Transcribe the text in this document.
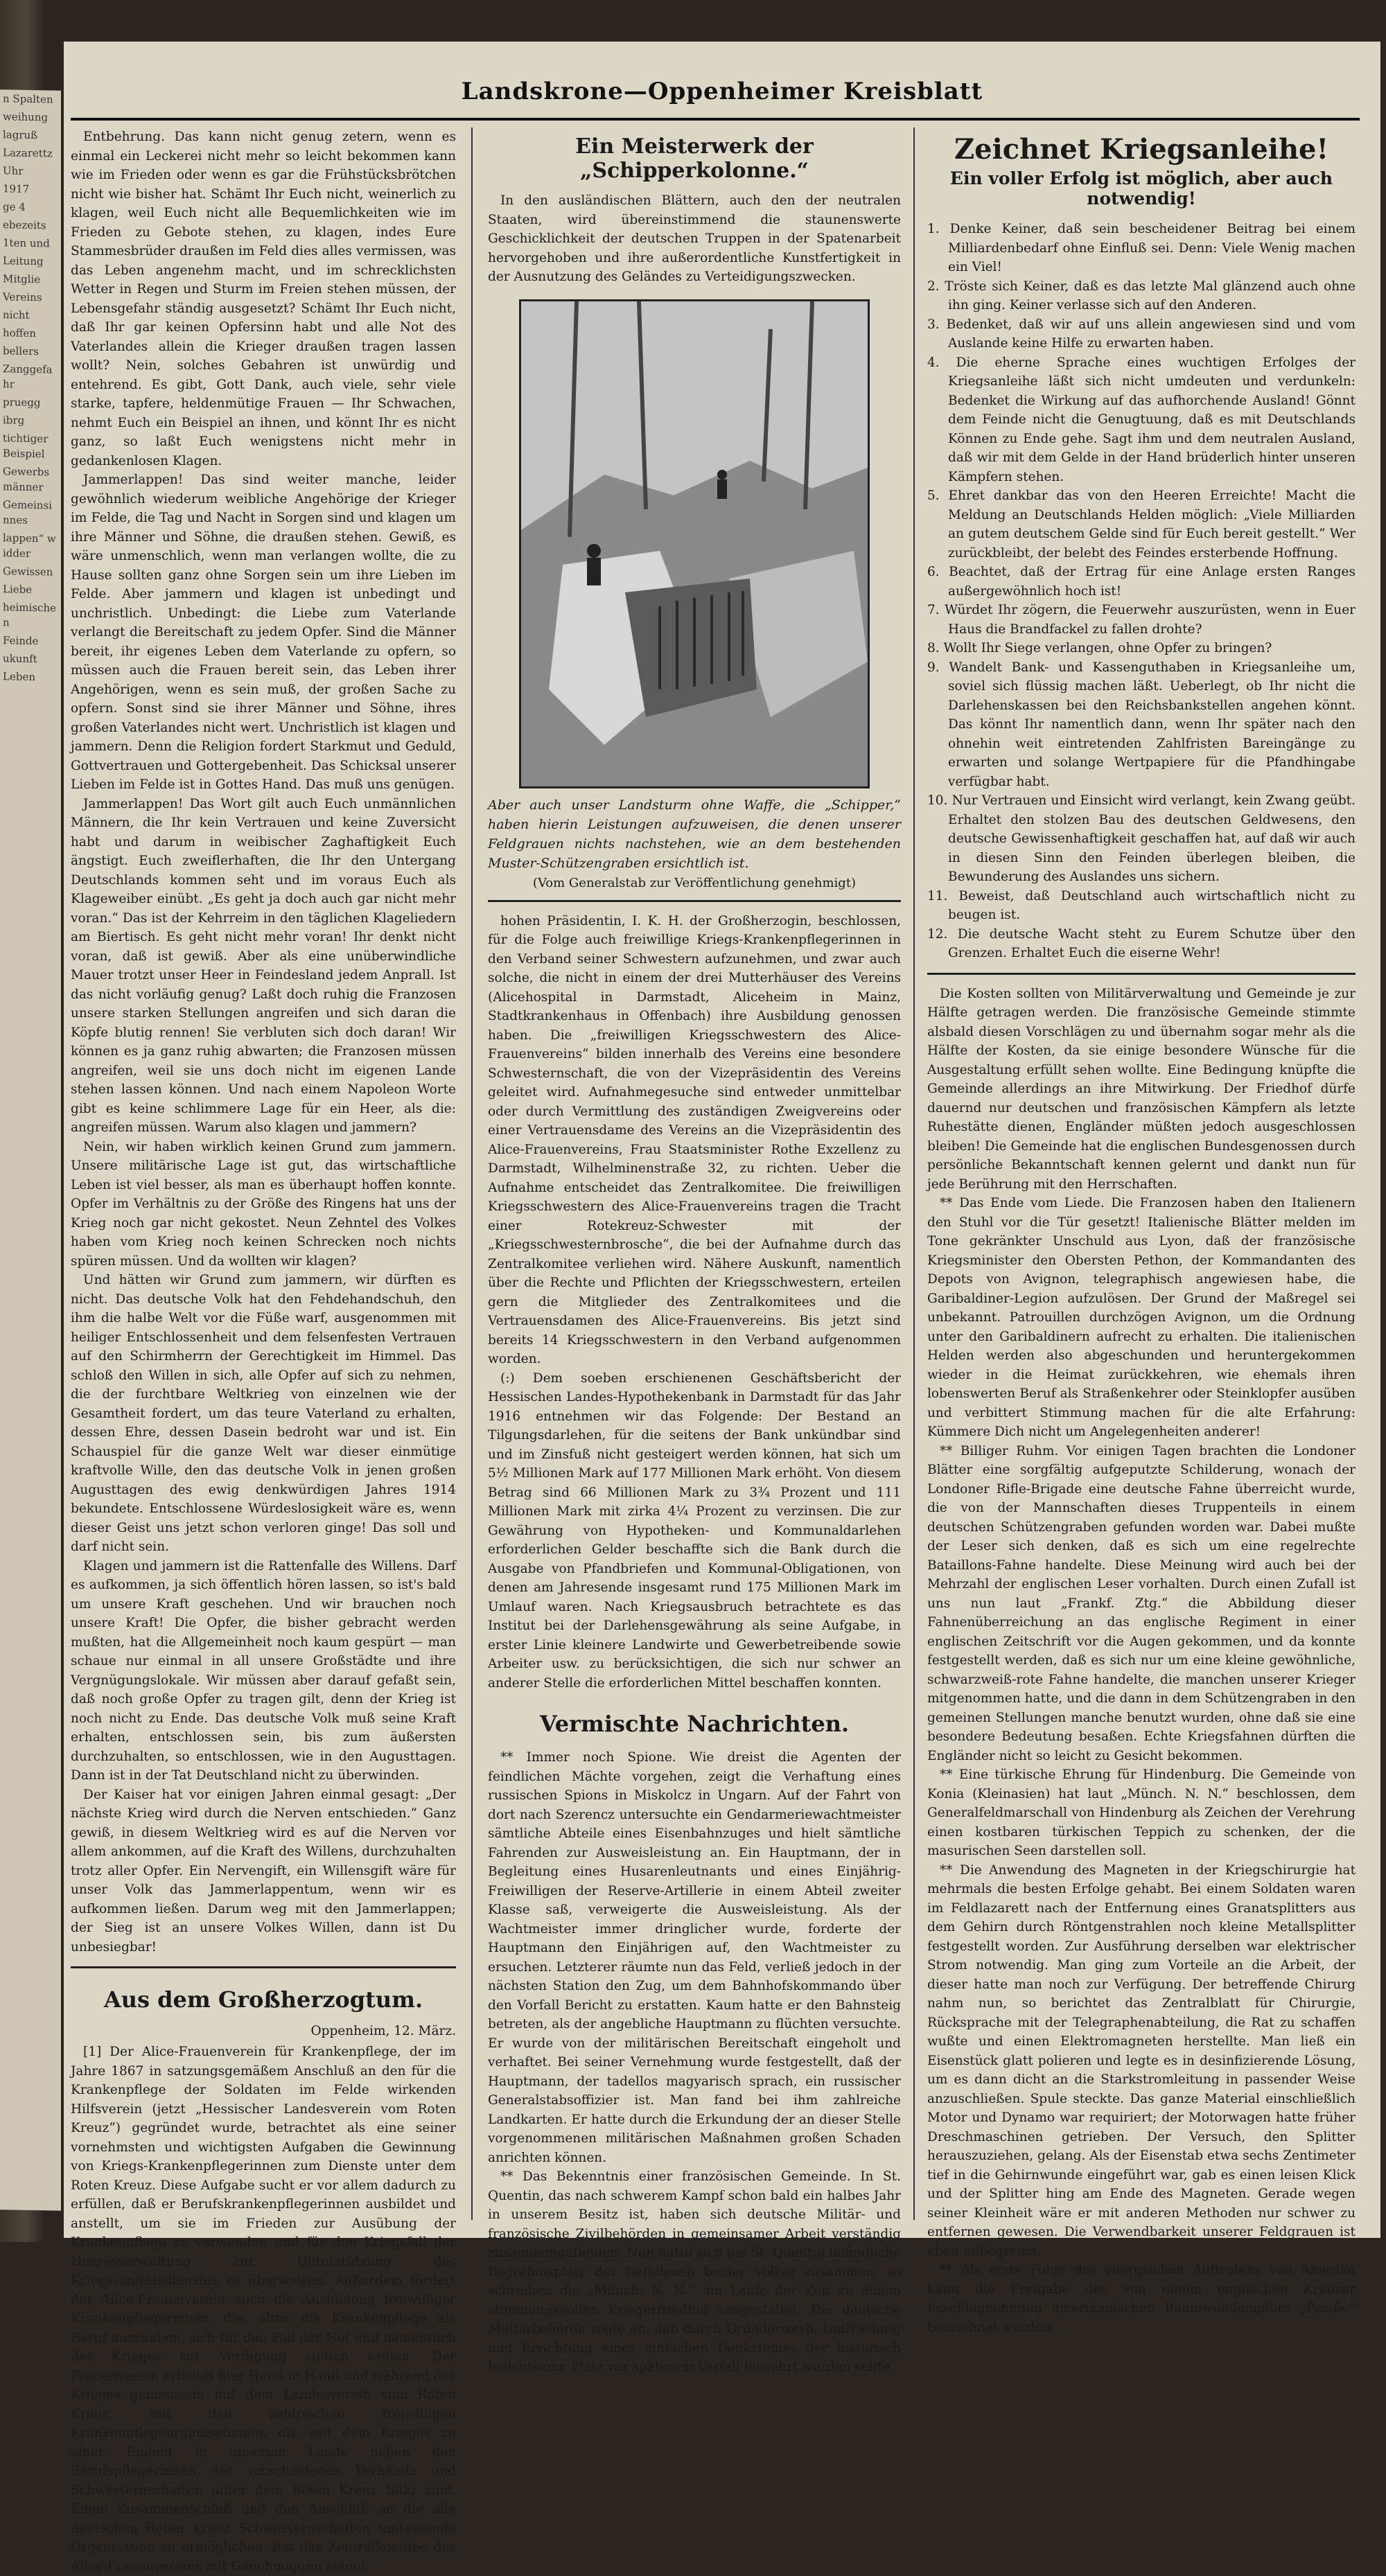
n Spalten

weihung

lagruß

Lazarettz

Uhr

1917

ge 4

ebezeits

1ten und

Leitung

Mitglie

Vereins

nicht

hoffen

bellers

Zanggefahr

pruegg

ibrg

tichtiger Beispiel

Gewerbsmänner

Gemeinsinnes

lappen“ widder

Gewissen

Liebe

heimischen

Feinde

ukunft

Leben

Landskrone—Oppenheimer Kreisblatt

Entbehrung. Das kann nicht genug zetern, wenn es einmal ein Leckerei nicht mehr so leicht bekommen kann wie im Frieden oder wenn es gar die Frühstücksbrötchen nicht wie bisher hat. Schämt Ihr Euch nicht, weinerlich zu klagen, weil Euch nicht alle Bequemlichkeiten wie im Frieden zu Gebote stehen, zu klagen, indes Eure Stammesbrüder draußen im Feld dies alles vermissen, was das Leben angenehm macht, und im schrecklichsten Wetter in Regen und Sturm im Freien stehen müssen, der Lebensgefahr ständig ausgesetzt? Schämt Ihr Euch nicht, daß Ihr gar keinen Opfersinn habt und alle Not des Vaterlandes allein die Krieger draußen tragen lassen wollt? Nein, solches Gebahren ist unwürdig und entehrend. Es gibt, Gott Dank, auch viele, sehr viele starke, tapfere, heldenmütige Frauen — Ihr Schwachen, nehmt Euch ein Beispiel an ihnen, und könnt Ihr es nicht ganz, so laßt Euch wenigstens nicht mehr in gedankenlosen Klagen.

Jammerlappen! Das sind weiter manche, leider gewöhnlich wiederum weibliche Angehörige der Krieger im Felde, die Tag und Nacht in Sorgen sind und klagen um ihre Männer und Söhne, die draußen stehen. Gewiß, es wäre unmenschlich, wenn man verlangen wollte, die zu Hause sollten ganz ohne Sorgen sein um ihre Lieben im Felde. Aber jammern und klagen ist unbedingt und unchristlich. Unbedingt: die Liebe zum Vaterlande verlangt die Bereitschaft zu jedem Opfer. Sind die Männer bereit, ihr eigenes Leben dem Vaterlande zu opfern, so müssen auch die Frauen bereit sein, das Leben ihrer Angehörigen, wenn es sein muß, der großen Sache zu opfern. Sonst sind sie ihrer Männer und Söhne, ihres großen Vaterlandes nicht wert. Unchristlich ist klagen und jammern. Denn die Religion fordert Starkmut und Geduld, Gottvertrauen und Gottergebenheit. Das Schicksal unserer Lieben im Felde ist in Gottes Hand. Das muß uns genügen.

Jammerlappen! Das Wort gilt auch Euch unmännlichen Männern, die Ihr kein Vertrauen und keine Zuversicht habt und darum in weibischer Zaghaftigkeit Euch ängstigt. Euch zweiflerhaften, die Ihr den Untergang Deutschlands kommen seht und im voraus Euch als Klageweiber einübt. „Es geht ja doch auch gar nicht mehr voran.“ Das ist der Kehrreim in den täglichen Klageliedern am Biertisch. Es geht nicht mehr voran! Ihr denkt nicht voran, daß ist gewiß. Aber als eine unüberwindliche Mauer trotzt unser Heer in Feindesland jedem Anprall. Ist das nicht vorläufig genug? Laßt doch ruhig die Franzosen unsere starken Stellungen angreifen und sich daran die Köpfe blutig rennen! Sie verbluten sich doch daran! Wir können es ja ganz ruhig abwarten; die Franzosen müssen angreifen, weil sie uns doch nicht im eigenen Lande stehen lassen können. Und nach einem Napoleon Worte gibt es keine schlimmere Lage für ein Heer, als die: angreifen müssen. Warum also klagen und jammern?

Nein, wir haben wirklich keinen Grund zum jammern. Unsere militärische Lage ist gut, das wirtschaftliche Leben ist viel besser, als man es überhaupt hoffen konnte. Opfer im Verhältnis zu der Größe des Ringens hat uns der Krieg noch gar nicht gekostet. Neun Zehntel des Volkes haben vom Krieg noch keinen Schrecken noch nichts spüren müssen. Und da wollten wir klagen?

Und hätten wir Grund zum jammern, wir dürften es nicht. Das deutsche Volk hat den Fehdehandschuh, den ihm die halbe Welt vor die Füße warf, ausgenommen mit heiliger Entschlossenheit und dem felsenfesten Vertrauen auf den Schirmherrn der Gerechtigkeit im Himmel. Das schloß den Willen in sich, alle Opfer auf sich zu nehmen, die der furchtbare Weltkrieg von einzelnen wie der Gesamtheit fordert, um das teure Vaterland zu erhalten, dessen Ehre, dessen Dasein bedroht war und ist. Ein Schauspiel für die ganze Welt war dieser einmütige kraftvolle Wille, den das deutsche Volk in jenen großen Augusttagen des ewig denkwürdigen Jahres 1914 bekundete. Entschlossene Würdeslosigkeit wäre es, wenn dieser Geist uns jetzt schon verloren ginge! Das soll und darf nicht sein.

Klagen und jammern ist die Rattenfalle des Willens. Darf es aufkommen, ja sich öffentlich hören lassen, so ist's bald um unsere Kraft geschehen. Und wir brauchen noch unsere Kraft! Die Opfer, die bisher gebracht werden mußten, hat die Allgemeinheit noch kaum gespürt — man schaue nur einmal in all unsere Großstädte und ihre Vergnügungslokale. Wir müssen aber darauf gefaßt sein, daß noch große Opfer zu tragen gilt, denn der Krieg ist noch nicht zu Ende. Das deutsche Volk muß seine Kraft erhalten, entschlossen sein, bis zum äußersten durchzuhalten, so entschlossen, wie in den Augusttagen. Dann ist in der Tat Deutschland nicht zu überwinden.

Der Kaiser hat vor einigen Jahren einmal gesagt: „Der nächste Krieg wird durch die Nerven entschieden.“ Ganz gewiß, in diesem Weltkrieg wird es auf die Nerven vor allem ankommen, auf die Kraft des Willens, durchzuhalten trotz aller Opfer. Ein Nervengift, ein Willensgift wäre für unser Volk das Jammerlappentum, wenn wir es aufkommen ließen. Darum weg mit den Jammerlappen; der Sieg ist an unsere Volkes Willen, dann ist Du unbesiegbar!

Aus dem Großherzogtum.

Oppenheim, 12. März.

[1] Der Alice-Frauenverein für Krankenpflege, der im Jahre 1867 in satzungsgemäßem Anschluß an den für die Krankenpflege der Soldaten im Felde wirkenden Hilfsverein (jetzt „Hessischer Landesverein vom Roten Kreuz“) gegründet wurde, betrachtet als eine seiner vornehmsten und wichtigsten Aufgaben die Gewinnung von Kriegs-Krankenpflegerinnen zum Dienste unter dem Roten Kreuz. Diese Aufgabe sucht er vor allem dadurch zu erfüllen, daß er Berufskrankenpflegerinnen ausbildet und anstellt, um sie im Frieden zur Ausübung der Krankenpflege zu verwenden und für den Kriegsfall der Heeresverwaltung zur Unterstützung des Kriegssanitätsdienstes zu überweisen. Außerdem fördert der Alice-Frauenverein auch die Ausbildung freiwilliger Krankenpflegerinnen, die, ohne die Krankenpflege als Beruf auszuüben, sich für den Fall der Not und namentlich des Krieges zur Verfügung stellen wollen. Der Frauenverein arbeitet hier Hand in Hand und während des Krieges gemeinsam mit dem Landesverein vom Roten Kreuz, mit den zahlreichen freiwilligen Krankenpflegeorganisationen, die seit dem Krieges zu einer Einheit in unserem Lande neben den Berufspflegerinnen der verschiedenen Verbände und Schwesternschaften unter dem Roten Kreuz tätig sind. Einen Zusammenschluß und den Anschluß an die alle deutschen Roten Kreuz Schwesternschaften umfassende Organisation zu ermöglichen, hat das Zentralkomitee des Alice-Frauenvereins mit Genehmigung seiner

Ein Meisterwerk der „Schipperkolonne.“

In den ausländischen Blättern, auch den der neutralen Staaten, wird übereinstimmend die staunenswerte Geschicklichkeit der deutschen Truppen in der Spatenarbeit hervorgehoben und ihre außerordentliche Kunstfertigkeit in der Ausnutzung des Geländes zu Verteidigungszwecken.

Aber auch unser Landsturm ohne Waffe, die „Schipper,“ haben hierin Leistungen aufzuweisen, die denen unserer Feldgrauen nichts nachstehen, wie an dem bestehenden Muster-Schützengraben ersichtlich ist.

(Vom Generalstab zur Veröffentlichung genehmigt)

hohen Präsidentin, I. K. H. der Großherzogin, beschlossen, für die Folge auch freiwillige Kriegs-Krankenpflegerinnen in den Verband seiner Schwestern aufzunehmen, und zwar auch solche, die nicht in einem der drei Mutterhäuser des Vereins (Alicehospital in Darmstadt, Aliceheim in Mainz, Stadtkrankenhaus in Offenbach) ihre Ausbildung genossen haben. Die „freiwilligen Kriegsschwestern des Alice-Frauenvereins“ bilden innerhalb des Vereins eine besondere Schwesternschaft, die von der Vizepräsidentin des Vereins geleitet wird. Aufnahmegesuche sind entweder unmittelbar oder durch Vermittlung des zuständigen Zweigvereins oder einer Vertrauensdame des Vereins an die Vizepräsidentin des Alice-Frauenvereins, Frau Staatsminister Rothe Exzellenz zu Darmstadt, Wilhelminenstraße 32, zu richten. Ueber die Aufnahme entscheidet das Zentralkomitee. Die freiwilligen Kriegsschwestern des Alice-Frauenvereins tragen die Tracht einer Rotekreuz-Schwester mit der „Kriegsschwesternbrosche“, die bei der Aufnahme durch das Zentralkomitee verliehen wird. Nähere Auskunft, namentlich über die Rechte und Pflichten der Kriegsschwestern, erteilen gern die Mitglieder des Zentralkomitees und die Vertrauensdamen des Alice-Frauenvereins. Bis jetzt sind bereits 14 Kriegsschwestern in den Verband aufgenommen worden.

(:) Dem soeben erschienenen Geschäftsbericht der Hessischen Landes-Hypothekenbank in Darmstadt für das Jahr 1916 entnehmen wir das Folgende: Der Bestand an Tilgungsdarlehen, für die seitens der Bank unkündbar sind und im Zinsfuß nicht gesteigert werden können, hat sich um 5½ Millionen Mark auf 177 Millionen Mark erhöht. Von diesem Betrag sind 66 Millionen Mark zu 3¾ Prozent und 111 Millionen Mark mit zirka 4¼ Prozent zu verzinsen. Die zur Gewährung von Hypotheken- und Kommunaldarlehen erforderlichen Gelder beschaffte sich die Bank durch die Ausgabe von Pfandbriefen und Kommunal-Obligationen, von denen am Jahresende insgesamt rund 175 Millionen Mark im Umlauf waren. Nach Kriegsausbruch betrachtete es das Institut bei der Darlehensgewährung als seine Aufgabe, in erster Linie kleinere Landwirte und Gewerbetreibende sowie Arbeiter usw. zu berücksichtigen, die sich nur schwer an anderer Stelle die erforderlichen Mittel beschaffen konnten.

Vermischte Nachrichten.

** Immer noch Spione. Wie dreist die Agenten der feindlichen Mächte vorgehen, zeigt die Verhaftung eines russischen Spions in Miskolcz in Ungarn. Auf der Fahrt von dort nach Szerencz untersuchte ein Gendarmeriewachtmeister sämtliche Abteile eines Eisenbahnzuges und hielt sämtliche Fahrenden zur Ausweisleistung an. Ein Hauptmann, der in Begleitung eines Husarenleutnants und eines Einjährig-Freiwilligen der Reserve-Artillerie in einem Abteil zweiter Klasse saß, verweigerte die Ausweisleistung. Als der Wachtmeister immer dringlicher wurde, forderte der Hauptmann den Einjährigen auf, den Wachtmeister zu ersuchen. Letzterer räumte nun das Feld, verließ jedoch in der nächsten Station den Zug, um dem Bahnhofskommando über den Vorfall Bericht zu erstatten. Kaum hatte er den Bahnsteig betreten, als der angebliche Hauptmann zu flüchten versuchte. Er wurde von der militärischen Bereitschaft eingeholt und verhaftet. Bei seiner Vernehmung wurde festgestellt, daß der Hauptmann, der tadellos magyarisch sprach, ein russischer Generalstabsoffizier ist. Man fand bei ihm zahlreiche Landkarten. Er hatte durch die Erkundung der an dieser Stelle vorgenommenen militärischen Maßnahmen großen Schaden anrichten können.

** Das Bekenntnis einer französischen Gemeinde. In St. Quentin, das nach schwerem Kampf schon bald ein halbes Jahr in unserem Besitz ist, haben sich deutsche Militär- und französische Zivilbehörden in gemeinsamer Arbeit verständig zusammengefunden. Nun hatte sich bei St. Quentin befindliche Begräbnisplatz der Gefallenen beider Völker zusammen, so schreiben die „Münch. N. N.“, im Laufe der Zeit zu einem stimmungsvollen Kriegerfriedhof ausgestaltet. Die deutsche Militärbehörde regte an, daß durch Grunderwerb, Umfriedung und Errichtung eines einfachen Denksteines der historisch bedeutsame Platz vor späterem Verfall bewahrt werden sollte.

Zeichnet Kriegsanleihe!

Ein voller Erfolg ist möglich, aber auch notwendig!

1. Denke Keiner, daß sein bescheidener Beitrag bei einem Milliardenbedarf ohne Einfluß sei. Denn: Viele Wenig machen ein Viel!
2. Tröste sich Keiner, daß es das letzte Mal glänzend auch ohne ihn ging. Keiner verlasse sich auf den Anderen.
3. Bedenket, daß wir auf uns allein angewiesen sind und vom Auslande keine Hilfe zu erwarten haben.
4. Die eherne Sprache eines wuchtigen Erfolges der Kriegsanleihe läßt sich nicht umdeuten und verdunkeln: Bedenket die Wirkung auf das aufhorchende Ausland! Gönnt dem Feinde nicht die Genugtuung, daß es mit Deutschlands Können zu Ende gehe. Sagt ihm und dem neutralen Ausland, daß wir mit dem Gelde in der Hand brüderlich hinter unseren Kämpfern stehen.
5. Ehret dankbar das von den Heeren Erreichte! Macht die Meldung an Deutschlands Helden möglich: „Viele Milliarden an gutem deutschem Gelde sind für Euch bereit gestellt.“ Wer zurückbleibt, der belebt des Feindes ersterbende Hoffnung.
6. Beachtet, daß der Ertrag für eine Anlage ersten Ranges außergewöhnlich hoch ist!
7. Würdet Ihr zögern, die Feuerwehr auszurüsten, wenn in Euer Haus die Brandfackel zu fallen drohte?
8. Wollt Ihr Siege verlangen, ohne Opfer zu bringen?
9. Wandelt Bank- und Kassenguthaben in Kriegsanleihe um, soviel sich flüssig machen läßt. Ueberlegt, ob Ihr nicht die Darlehenskassen bei den Reichsbankstellen angehen könnt. Das könnt Ihr namentlich dann, wenn Ihr später nach den ohnehin weit eintretenden Zahlfristen Bareingänge zu erwarten und solange Wertpapiere für die Pfandhingabe verfügbar habt.
10. Nur Vertrauen und Einsicht wird verlangt, kein Zwang geübt. Erhaltet den stolzen Bau des deutschen Geldwesens, den deutsche Gewissenhaftigkeit geschaffen hat, auf daß wir auch in diesen Sinn den Feinden überlegen bleiben, die Bewunderung des Auslandes uns sichern.
11. Beweist, daß Deutschland auch wirtschaftlich nicht zu beugen ist.
12. Die deutsche Wacht steht zu Eurem Schutze über den Grenzen. Erhaltet Euch die eiserne Wehr!

Die Kosten sollten von Militärverwaltung und Gemeinde je zur Hälfte getragen werden. Die französische Gemeinde stimmte alsbald diesen Vorschlägen zu und übernahm sogar mehr als die Hälfte der Kosten, da sie einige besondere Wünsche für die Ausgestaltung erfüllt sehen wollte. Eine Bedingung knüpfte die Gemeinde allerdings an ihre Mitwirkung. Der Friedhof dürfe dauernd nur deutschen und französischen Kämpfern als letzte Ruhestätte dienen, Engländer müßten jedoch ausgeschlossen bleiben! Die Gemeinde hat die englischen Bundesgenossen durch persönliche Bekanntschaft kennen gelernt und dankt nun für jede Berührung mit den Herrschaften.

** Das Ende vom Liede. Die Franzosen haben den Italienern den Stuhl vor die Tür gesetzt! Italienische Blätter melden im Tone gekränkter Unschuld aus Lyon, daß der französische Kriegsminister den Obersten Pethon, der Kommandanten des Depots von Avignon, telegraphisch angewiesen habe, die Garibaldiner-Legion aufzulösen. Der Grund der Maßregel sei unbekannt. Patrouillen durchzögen Avignon, um die Ordnung unter den Garibaldinern aufrecht zu erhalten. Die italienischen Helden werden also abgeschunden und heruntergekommen wieder in die Heimat zurückkehren, wie ehemals ihren lobenswerten Beruf als Straßenkehrer oder Steinklopfer ausüben und verbittert Stimmung machen für die alte Erfahrung: Kümmere Dich nicht um Angelegenheiten anderer!

** Billiger Ruhm. Vor einigen Tagen brachten die Londoner Blätter eine sorgfältig aufgeputzte Schilderung, wonach der Londoner Rifle-Brigade eine deutsche Fahne überreicht wurde, die von der Mannschaften dieses Truppenteils in einem deutschen Schützengraben gefunden worden war. Dabei mußte der Leser sich denken, daß es sich um eine regelrechte Bataillons-Fahne handelte. Diese Meinung wird auch bei der Mehrzahl der englischen Leser vorhalten. Durch einen Zufall ist uns nun laut „Frankf. Ztg.“ die Abbildung dieser Fahnenüberreichung an das englische Regiment in einer englischen Zeitschrift vor die Augen gekommen, und da konnte festgestellt werden, daß es sich nur um eine kleine gewöhnliche, schwarzweiß-rote Fahne handelte, die manchen unserer Krieger mitgenommen hatte, und die dann in dem Schützengraben in den gemeinen Stellungen manche benutzt wurden, ohne daß sie eine besondere Bedeutung besaßen. Echte Kriegsfahnen dürften die Engländer nicht so leicht zu Gesicht bekommen.

** Eine türkische Ehrung für Hindenburg. Die Gemeinde von Konia (Kleinasien) hat laut „Münch. N. N.“ beschlossen, dem Generalfeldmarschall von Hindenburg als Zeichen der Verehrung einen kostbaren türkischen Teppich zu schenken, der die masurischen Seen darstellen soll.

** Die Anwendung des Magneten in der Kriegschirurgie hat mehrmals die besten Erfolge gehabt. Bei einem Soldaten waren im Feldlazarett nach der Entfernung eines Granatsplitters aus dem Gehirn durch Röntgenstrahlen noch kleine Metallsplitter festgestellt worden. Zur Ausführung derselben war elektrischer Strom notwendig. Man ging zum Vorteile an die Arbeit, der dieser hatte man noch zur Verfügung. Der betreffende Chirurg nahm nun, so berichtet das Zentralblatt für Chirurgie, Rücksprache mit der Telegraphenabteilung, die Rat zu schaffen wußte und einen Elektromagneten herstellte. Man ließ ein Eisenstück glatt polieren und legte es in desinfizierende Lösung, um es dann dicht an die Starkstromleitung in passender Weise anzuschließen. Spule steckte. Das ganze Material einschließlich Motor und Dynamo war requiriert; der Motorwagen hatte früher Dreschmaschinen getrieben. Der Versuch, den Splitter herauszuziehen, gelang. Als der Eisenstab etwa sechs Zentimeter tief in die Gehirnwunde eingeführt war, gab es einen leisen Klick und der Splitter hing am Ende des Magneten. Gerade wegen seiner Kleinheit wäre er mit anderen Methoden nur schwer zu entfernen gewesen. Die Verwendbarkeit unserer Feldgrauen ist eben unbegrenzt.

** Als erste Folge des energischen Auftretens von Amerika kann die Freigabe des von einem englischen Kreuzer beschlagnahmten amerikanischen Baumwolldampfers „Pacific“ bezeichnet werden.
